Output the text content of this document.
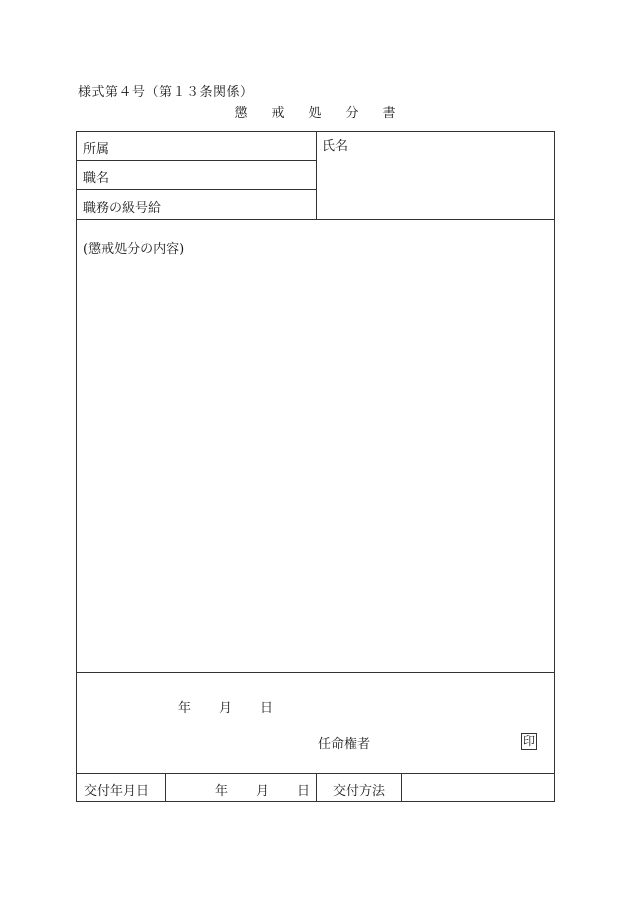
様式第４号（第１３条関係）
懲 戒 処 分 書
所属
職名
職務の級号給
氏名
(懲戒処分の内容)
年 月 日
任命権者	印
交付年月日	年 月 日 交付方法
